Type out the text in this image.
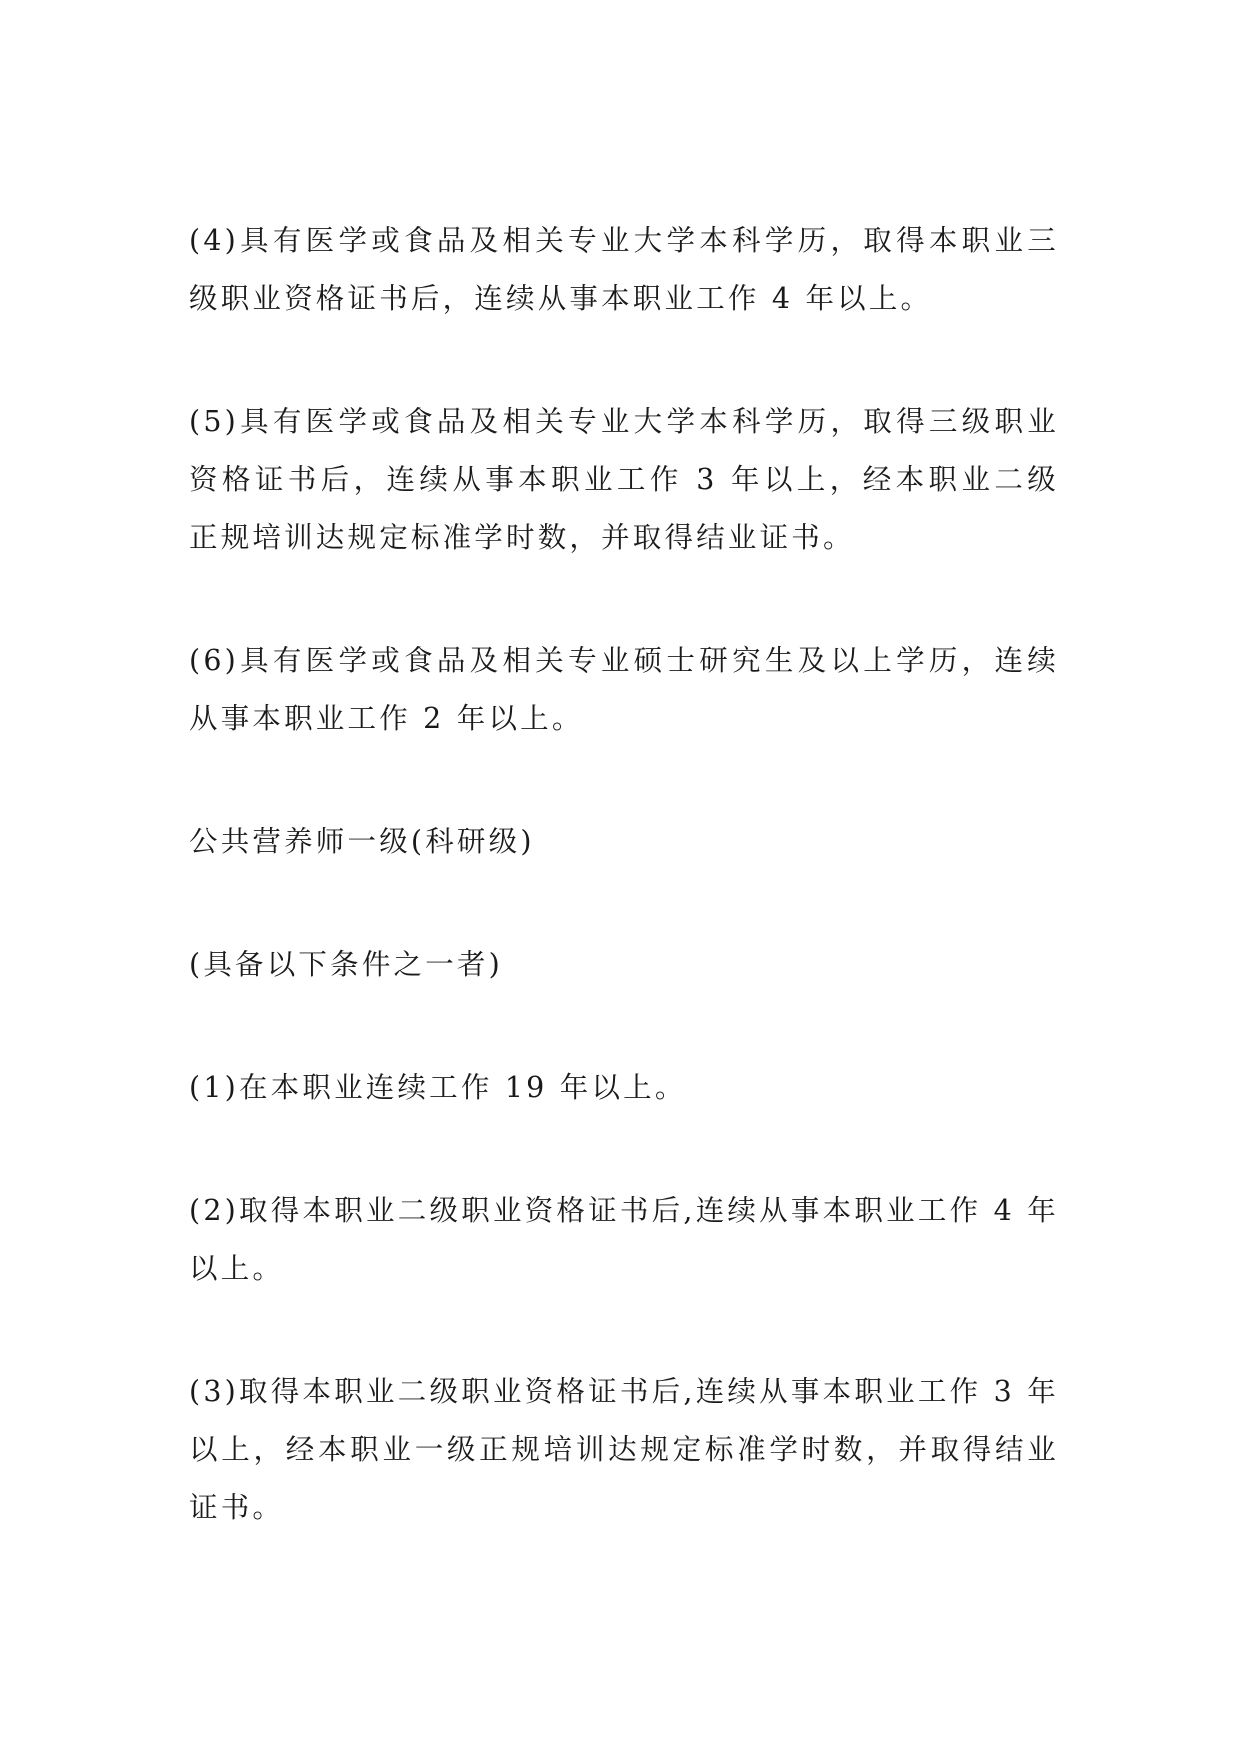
(4)具有医学或食品及相关专业大学本科学历，取得本职业三级职业资格证书后，连续从事本职业工作 4 年以上。

(5)具有医学或食品及相关专业大学本科学历，取得三级职业资格证书后，连续从事本职业工作 3 年以上，经本职业二级正规培训达规定标准学时数，并取得结业证书。

(6)具有医学或食品及相关专业硕士研究生及以上学历，连续从事本职业工作 2 年以上。

公共营养师一级(科研级)

(具备以下条件之一者)

(1)在本职业连续工作 19 年以上。

(2)取得本职业二级职业资格证书后,连续从事本职业工作 4 年以上。

(3)取得本职业二级职业资格证书后,连续从事本职业工作 3 年以上，经本职业一级正规培训达规定标准学时数，并取得结业证书。
